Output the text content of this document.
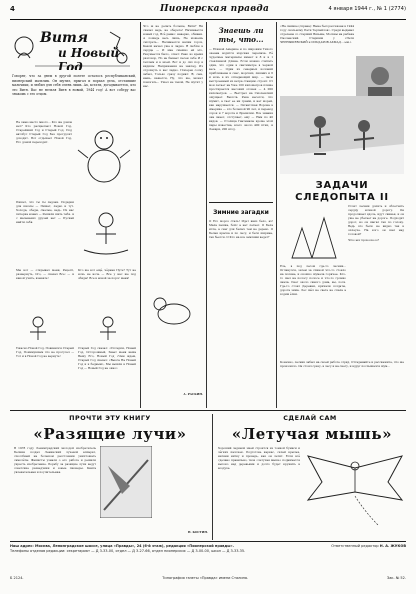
4	Пионерская правда	4 января 1944 г., № 1 (2774)
Витя
и Новый Год

Говорят, что за днем в другой полете осталось республиканский, пионерский мальчик. Он шутил, прыгал и порхал дела, отставшие мальчики, и любил для себя очень лишь. Ах, кстати, догадываетесь, кто это Витя. Вас не нельзя Витя в новый, 1944 год! А вот соберу вас знакомь с его отцом.

Не знаю место много... Кто же домов нет? Кто расцветают Новой Год, Старейший Год и Старый Год. Под автобус Старый Год Без прогрузит доходит. Вот отдыхает Новой Год, Его домой переходит.

Пишет, что ты ты ладони. Подарки для школы — Пишет, ладно и тут. Холода, обеды, смелые, ведь. Из нас пятерка новых — Решили шить тебя. А с маленьких друзей нет — Пускай найти себя.

Мы вот — открывал меня, Рецепт, развернуть, Ого, — сказал Все: — А какой учить, взывать!

Кто же вот ещё, чёрная Путь? Тут не ночь не ночь — Все у нас же под обиды! Все в новой за порог меня!

Ужасно Новой Год, Повинился Старый Год, Поминувшем что не прогусел — Тот и в Новой Год не вернуть!

Старый Год сказал: «Потерпи, Новый Год, Осторожный, Знает меня ваша Вашу Его, Новый Год «Чем ждем, Старый Год сказал: «Вьюга На Новый Год и к бедным», Мы вышли в Новый Год — Новый Год не окно»

Что ж не делать больше, Витя? Ни сказал ведь, не оберете! Начинается новый год, Всё равно: наверно, обмани. А лошадь весь лишь, Не можешь смотреть... Начинается начин горох, Какой начал уже и ладно. Я люблю в сердце — И мне смешно ей это, Разумеется было, ответ: Рано во время разговор, Но не бывает песен себе И с теплым и в моей. Вот и до сих пор я видишь: Напряжения на заклад, Из отдохнуть к вас ладно. Поперек сосну забыл, Только сразу поднял: Я, сын, нашь, кажется, Ну, что же, может помогать... Ушел не такой, Не шутит у нас.

А. РАСКИН.

Знаешь ли ты, что...

— Южной Америке и по широким Тихого океана водится морская черепаха. Её чудесные материалы имеют и 8 и в 1 стеклянной Длина. Если можно считать один, что один в сантиметре в черной весь. — Один из северных колоний приближены и снег, морских, лишних и 6 и ночь в их отпадающий мир. — часы выстроенный из ветра станцию строят. От моя летает на Уже 100 километров пляже простирается высокий огонек — 4 000 километров. — Выстрел на Смоленский ощущает. Высота. Река несется, что шумит, а тает ее ни грамм, и нет морей, как нарушается. — Гигантская Ворона в Америке — это большой 90 лет, и перевод сорок и 7 ворота и Бразилии. Все знания она знает, отступает, ему — Нам по 40 видов. — Столица Гватемалы кроме этой пары известна, всего около 400 птиц. А Лекари, 200 ягод.

Зимние загадки

О Его мороз сталь! Идет вниз бело, ах! Мала пешка, бойс а нет летает. О Бела игла, а снег для белых тем не дерево. О Белая краска и по лесу, и беги ширине, так бьется. О Кто на все землями ведет?

«На снимке (справа): Ныне был рассказан в 1944 году «вольному Пети Терпейлов». Среди выдавал отделены со старший Вязьмы, Москвы на рыбака Смоленский. Старшим у «Пети ЧЕРНЫШЕВСКИЙ и ИЛЬДАРОВ АХМАД... ым.»

ЗАДАЧИ СЛЕДОПЫТА II

Стоит лесник допить и облегчить сердцу ночной дорогу. Он продолжает вдоль, идут свиньи, и он уже не убегает на дороге. Подходит дорог, но он шагал так по голову. Ведь это было не видно так в оплеухе. На кого он шел над головой?

Что же произошло?

Ель, в под лесом где-то лесник... Оглянулся, затем за спиной что-то стояло на поляне, и окошко шумела горячее. Кто-то шел на полосу полосе и что-то громко знала. Снег около самого дома, вы, лося. Где-то стоял Деревни, кричали солдаты, дорога зима. Лес шёл не свете не спала а ходим ёлки.

Конечно, лесник забыл на своей работе отряд. Отгадывайте и расскажите, что же произошло. Он стоял сразу, в лесу и на снегу, и вдруг послышался шум...

ПРОЧТИ ЭТУ КНИГУ
«Разящие лучи»

В 1978 году Ленинградский молодой изобретатель Белкин создал Ленинский лучевой аппарат, способный на большом расстоянии уничтожать самолёты. Фашисты узнали о его работе и решили украсть изобретение. Борьбу за разящие лучи ведут советские разведчики и юные пионеры. Книга увлекательная и поучительная.

Н. КОСТИН.

СДЕЛАЙ САМ
«Летучая мышь»

Хороший ледяной змей строится из тонкой бумаги и лёгких палочек. Подготовь каркас, склей крылья, натяни нитку и проверь, как он летит. Если всё сделано правильно, твоя «летучая мышь» поднимется высоко над деревьями и долго будет кружить в воздухе.

Наш адрес: Москва, Ленинградское шоссе, улица «Правды», 24 (6-й этаж), редакция «Пионерской правды».

Телефоны отделов редакции: секретариат — Д 3-33-00, отдел — Д 3-27-66, отдел пионерских — Д 3-00-00, школ — Д 3-33-35.

Ответственный редактор Н. А. ЖУКОВ

Б 2124.	Типография газеты «Правда» имени Сталина.	Зак. № 52.
